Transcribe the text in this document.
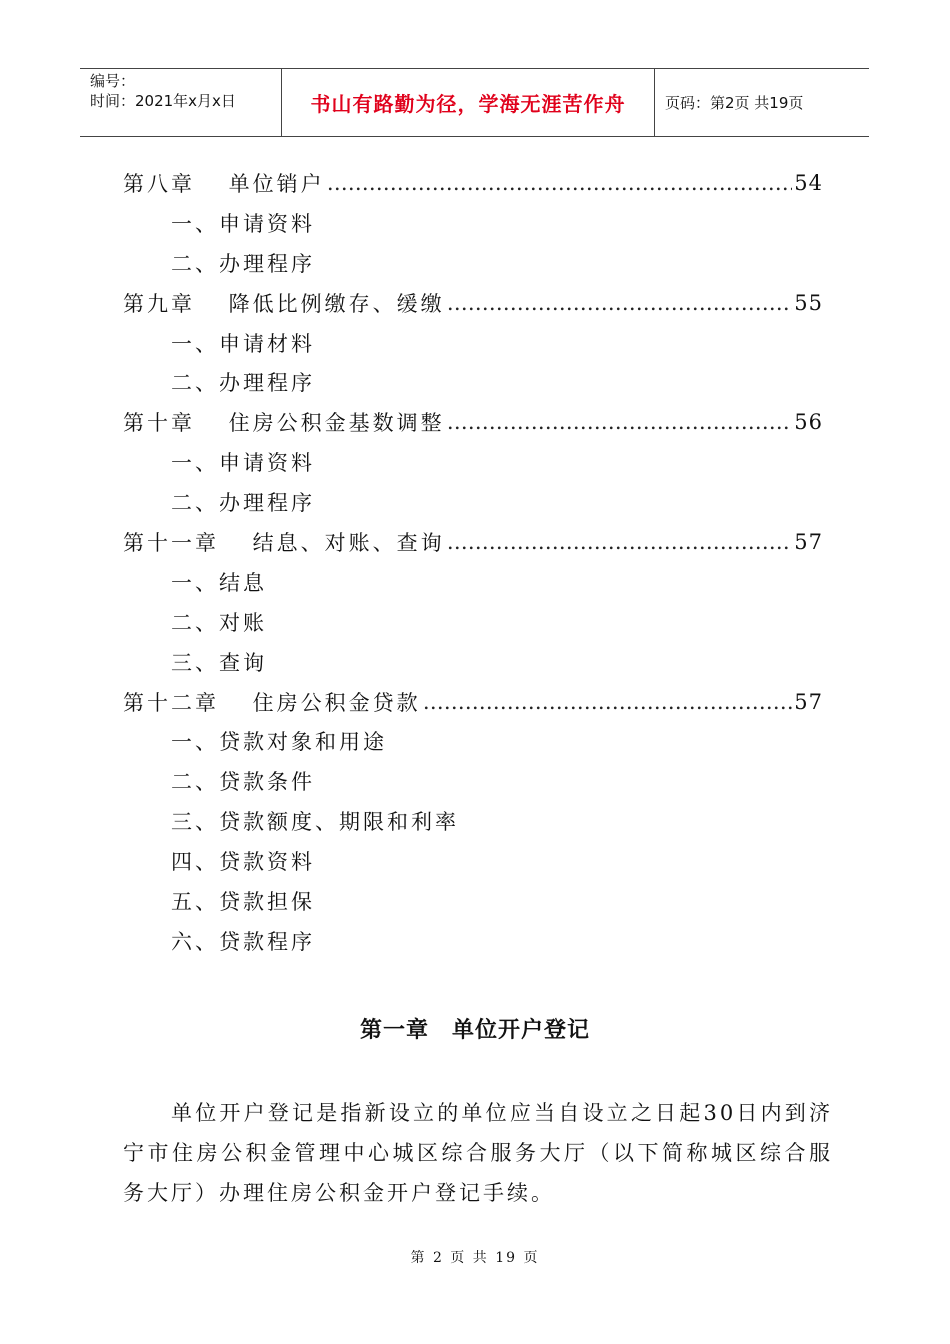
编号：
时间：2021年x月x日	书山有路勤为径，学海无涯苦作舟	页码：第2页 共19页
第八章　 单位销户 ……………………………………………………………………………………………………………………………………………	54
一、申请资料
二、办理程序
第九章　 降低比例缴存、缓缴 ……………………………………………………………………………………………………………………………………………	55
一、申请材料
二、办理程序
第十章　 住房公积金基数调整 ……………………………………………………………………………………………………………………………………………	56
一、申请资料
二、办理程序
第十一章　 结息、对账、查询 ……………………………………………………………………………………………………………………………………………	57
一、结息
二、对账
三、查询
第十二章　 住房公积金贷款 ……………………………………………………………………………………………………………………………………………	57
一、贷款对象和用途
二、贷款条件
三、贷款额度、期限和利率
四、贷款资料
五、贷款担保
六、贷款程序
第一章　单位开户登记
单位开户登记是指新设立的单位应当自设立之日起30日内到济宁市住房公积金管理中心城区综合服务大厅（以下简称城区综合服务大厅）办理住房公积金开户登记手续。
第 2 页 共 19 页
